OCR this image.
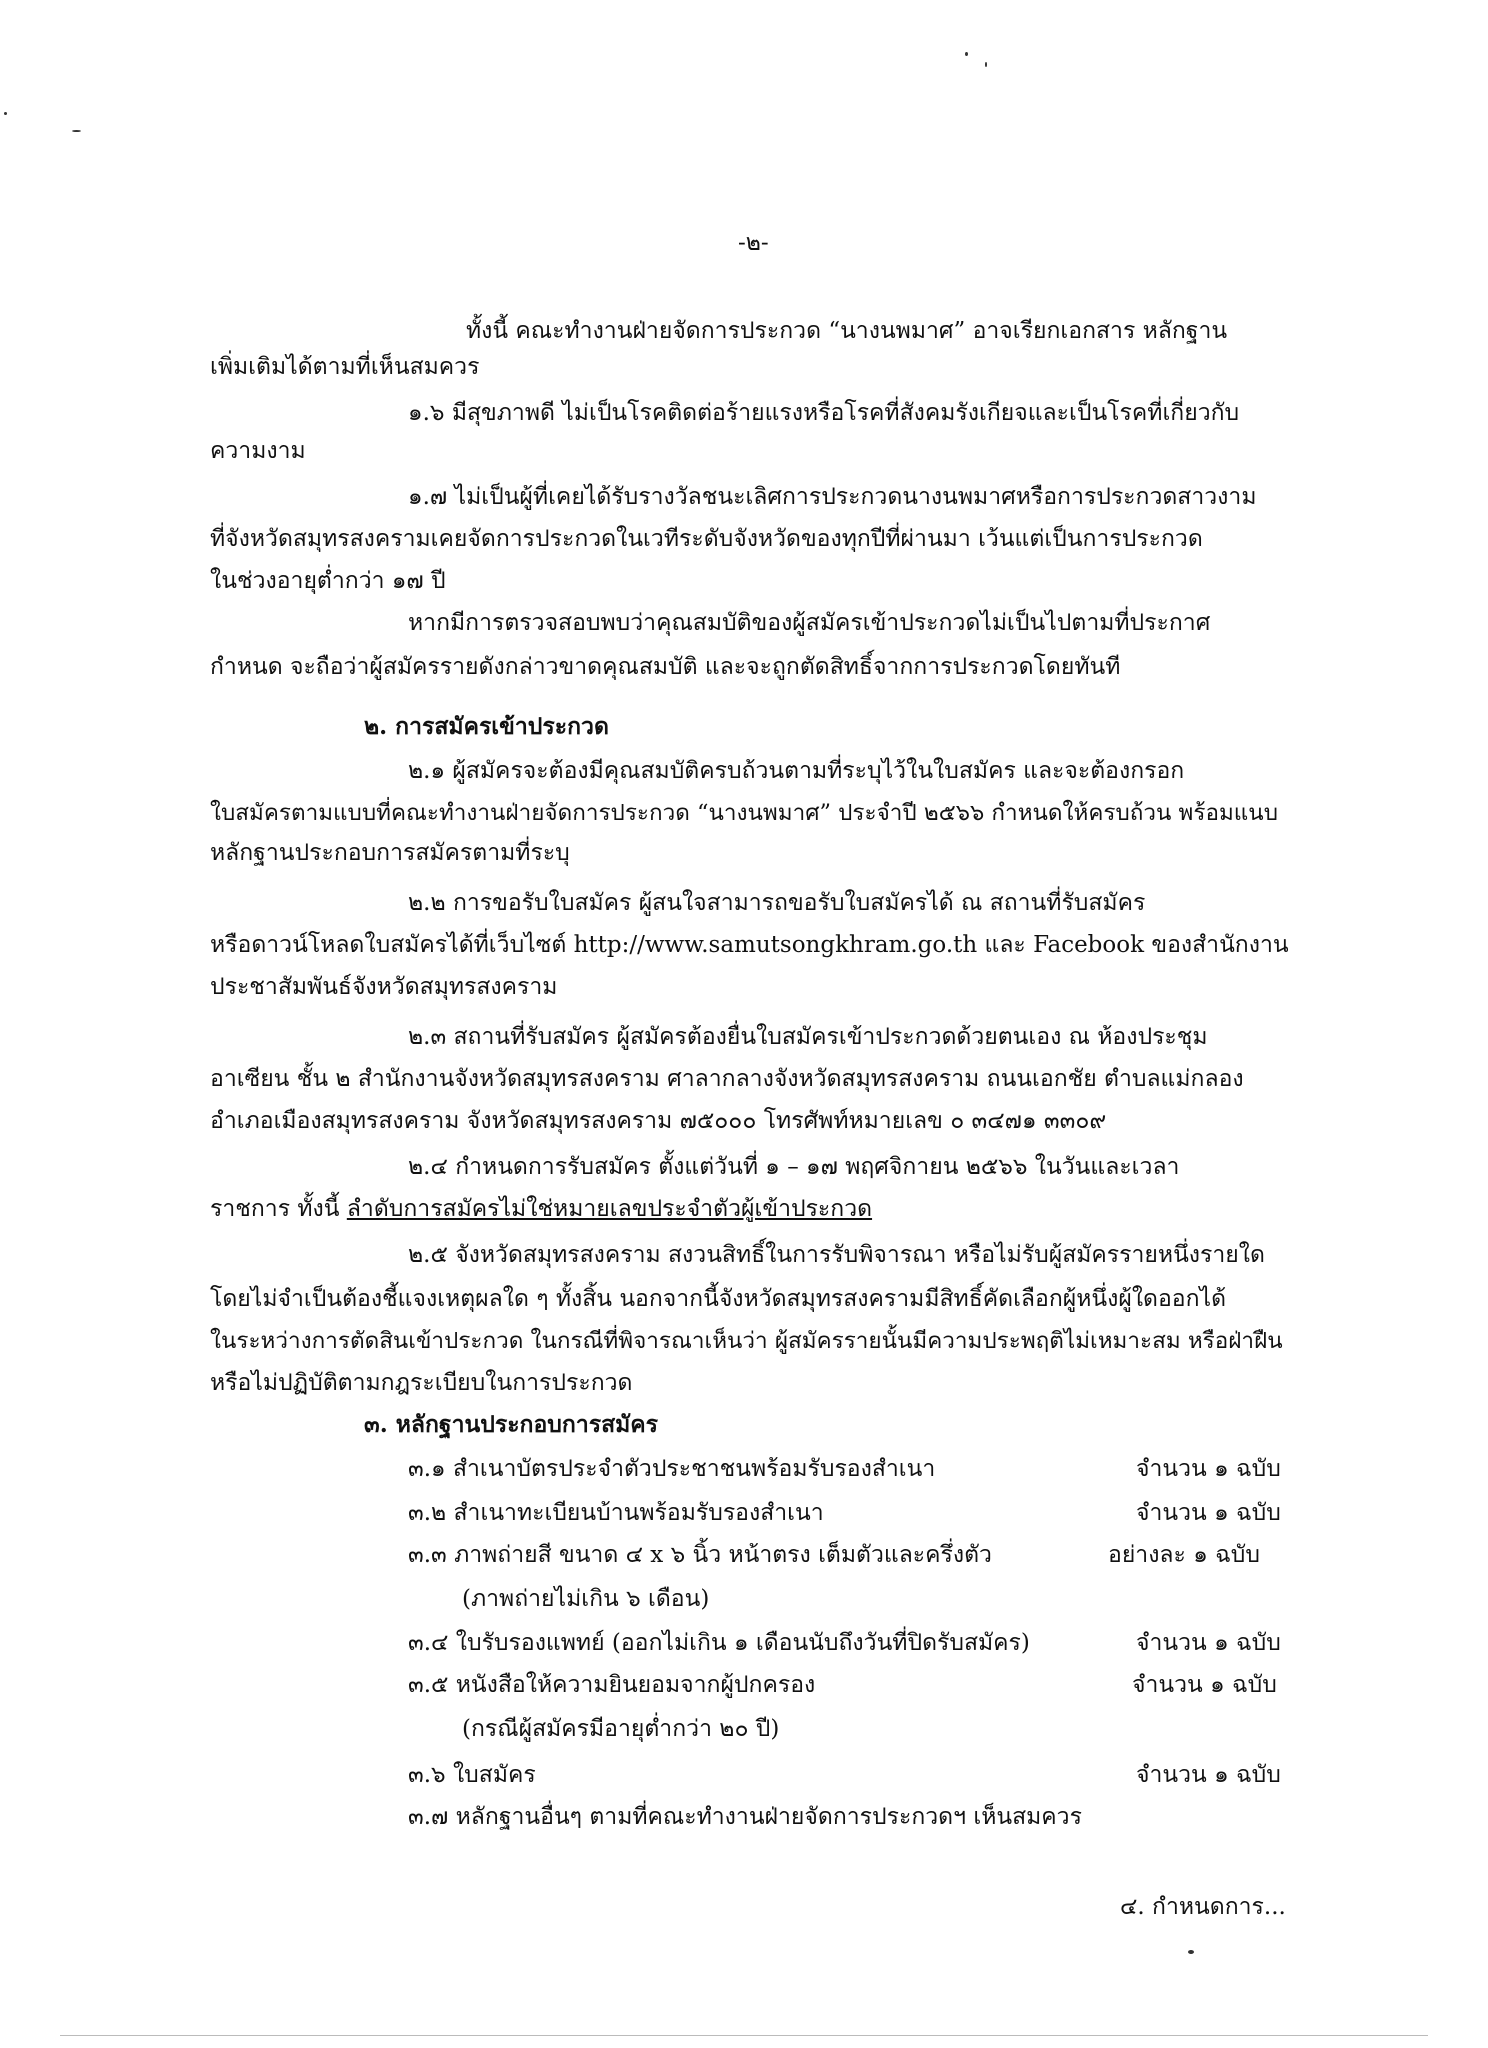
-๒-
ทั้งนี้ คณะทำงานฝ่ายจัดการประกวด “นางนพมาศ” อาจเรียกเอกสาร หลักฐาน
เพิ่มเติมได้ตามที่เห็นสมควร
๑.๖ มีสุขภาพดี ไม่เป็นโรคติดต่อร้ายแรงหรือโรคที่สังคมรังเกียจและเป็นโรคที่เกี่ยวกับ
ความงาม
๑.๗ ไม่เป็นผู้ที่เคยได้รับรางวัลชนะเลิศการประกวดนางนพมาศหรือการประกวดสาวงาม
ที่จังหวัดสมุทรสงครามเคยจัดการประกวดในเวทีระดับจังหวัดของทุกปีที่ผ่านมา เว้นแต่เป็นการประกวด
ในช่วงอายุต่ำกว่า ๑๗ ปี
หากมีการตรวจสอบพบว่าคุณสมบัติของผู้สมัครเข้าประกวดไม่เป็นไปตามที่ประกาศ
กำหนด จะถือว่าผู้สมัครรายดังกล่าวขาดคุณสมบัติ และจะถูกตัดสิทธิ์จากการประกวดโดยทันที
๒. การสมัครเข้าประกวด
๒.๑ ผู้สมัครจะต้องมีคุณสมบัติครบถ้วนตามที่ระบุไว้ในใบสมัคร และจะต้องกรอก
ใบสมัครตามแบบที่คณะทำงานฝ่ายจัดการประกวด “นางนพมาศ” ประจำปี ๒๕๖๖ กำหนดให้ครบถ้วน พร้อมแนบ
หลักฐานประกอบการสมัครตามที่ระบุ
๒.๒ การขอรับใบสมัคร ผู้สนใจสามารถขอรับใบสมัครได้ ณ สถานที่รับสมัคร
หรือดาวน์โหลดใบสมัครได้ที่เว็บไซต์ http://www.samutsongkhram.go.th และ Facebook ของสำนักงาน
ประชาสัมพันธ์จังหวัดสมุทรสงคราม
๒.๓ สถานที่รับสมัคร ผู้สมัครต้องยื่นใบสมัครเข้าประกวดด้วยตนเอง ณ ห้องประชุม
อาเซียน ชั้น ๒ สำนักงานจังหวัดสมุทรสงคราม ศาลากลางจังหวัดสมุทรสงคราม ถนนเอกชัย ตำบลแม่กลอง
อำเภอเมืองสมุทรสงคราม จังหวัดสมุทรสงคราม ๗๕๐๐๐ โทรศัพท์หมายเลข ๐ ๓๔๗๑ ๓๓๐๙
๒.๔ กำหนดการรับสมัคร ตั้งแต่วันที่ ๑ – ๑๗ พฤศจิกายน ๒๕๖๖ ในวันและเวลา
ราชการ ทั้งนี้ ลำดับการสมัครไม่ใช่หมายเลขประจำตัวผู้เข้าประกวด
๒.๕ จังหวัดสมุทรสงคราม สงวนสิทธิ์ในการรับพิจารณา หรือไม่รับผู้สมัครรายหนึ่งรายใด
โดยไม่จำเป็นต้องชี้แจงเหตุผลใด ๆ ทั้งสิ้น นอกจากนี้จังหวัดสมุทรสงครามมีสิทธิ์คัดเลือกผู้หนึ่งผู้ใดออกได้
ในระหว่างการตัดสินเข้าประกวด ในกรณีที่พิจารณาเห็นว่า ผู้สมัครรายนั้นมีความประพฤติไม่เหมาะสม หรือฝ่าฝืน
หรือไม่ปฏิบัติตามกฎระเบียบในการประกวด
๓. หลักฐานประกอบการสมัคร
๓.๑ สำเนาบัตรประจำตัวประชาชนพร้อมรับรองสำเนา	จำนวน ๑ ฉบับ
๓.๒ สำเนาทะเบียนบ้านพร้อมรับรองสำเนา	จำนวน ๑ ฉบับ
๓.๓ ภาพถ่ายสี ขนาด ๔ x ๖ นิ้ว หน้าตรง เต็มตัวและครึ่งตัว	อย่างละ ๑ ฉบับ
(ภาพถ่ายไม่เกิน ๖ เดือน)
๓.๔ ใบรับรองแพทย์ (ออกไม่เกิน ๑ เดือนนับถึงวันที่ปิดรับสมัคร)	จำนวน ๑ ฉบับ
๓.๕ หนังสือให้ความยินยอมจากผู้ปกครอง	จำนวน ๑ ฉบับ
(กรณีผู้สมัครมีอายุต่ำกว่า ๒๐ ปี)
๓.๖ ใบสมัคร	จำนวน ๑ ฉบับ
๓.๗ หลักฐานอื่นๆ ตามที่คณะทำงานฝ่ายจัดการประกวดฯ เห็นสมควร
๔. กำหนดการ...
